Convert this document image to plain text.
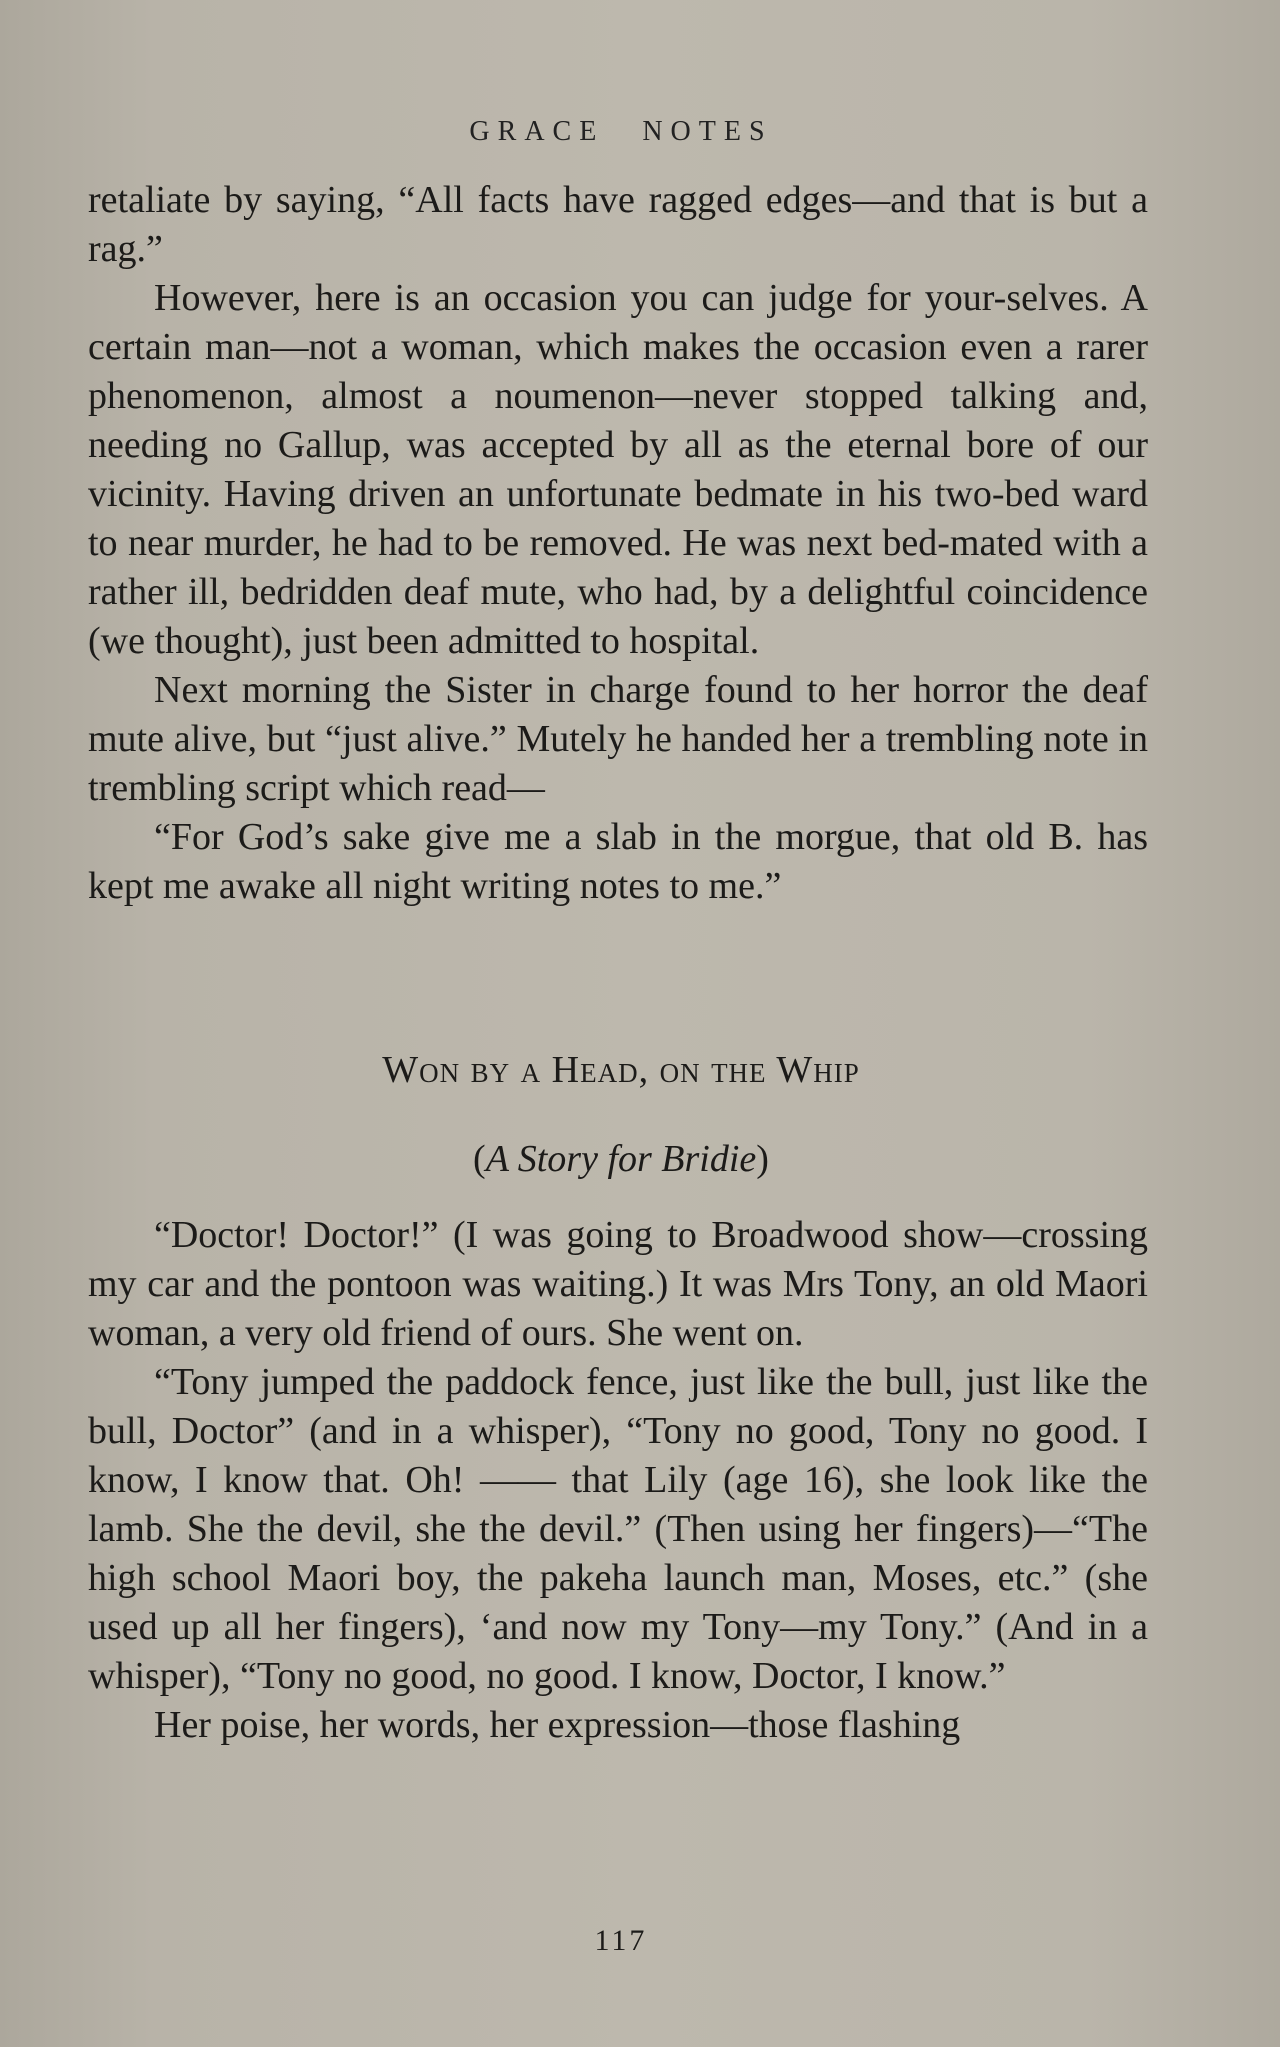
GRACE NOTES

retaliate by saying, “All facts have ragged edges—and that is but a rag.”

However, here is an occasion you can judge for your-selves. A certain man—not a woman, which makes the occasion even a rarer phenomenon, almost a noumenon—never stopped talking and, needing no Gallup, was accepted by all as the eternal bore of our vicinity. Having driven an unfortunate bedmate in his two-bed ward to near murder, he had to be removed. He was next bed-mated with a rather ill, bedridden deaf mute, who had, by a delightful coincidence (we thought), just been admitted to hospital.

Next morning the Sister in charge found to her horror the deaf mute alive, but “just alive.” Mutely he handed her a trembling note in trembling script which read—

“For God’s sake give me a slab in the morgue, that old B. has kept me awake all night writing notes to me.”

Won by a Head, on the Whip
(A Story for Bridie)

“Doctor! Doctor!” (I was going to Broadwood show—crossing my car and the pontoon was waiting.) It was Mrs Tony, an old Maori woman, a very old friend of ours. She went on.

“Tony jumped the paddock fence, just like the bull, just like the bull, Doctor” (and in a whisper), “Tony no good, Tony no good. I know, I know that. Oh! —— that Lily (age 16), she look like the lamb. She the devil, she the devil.” (Then using her fingers)—“The high school Maori boy, the pakeha launch man, Moses, etc.” (she used up all her fingers), ‘and now my Tony—my Tony.” (And in a whisper), “Tony no good, no good. I know, Doctor, I know.”

Her poise, her words, her expression—those flashing

117
